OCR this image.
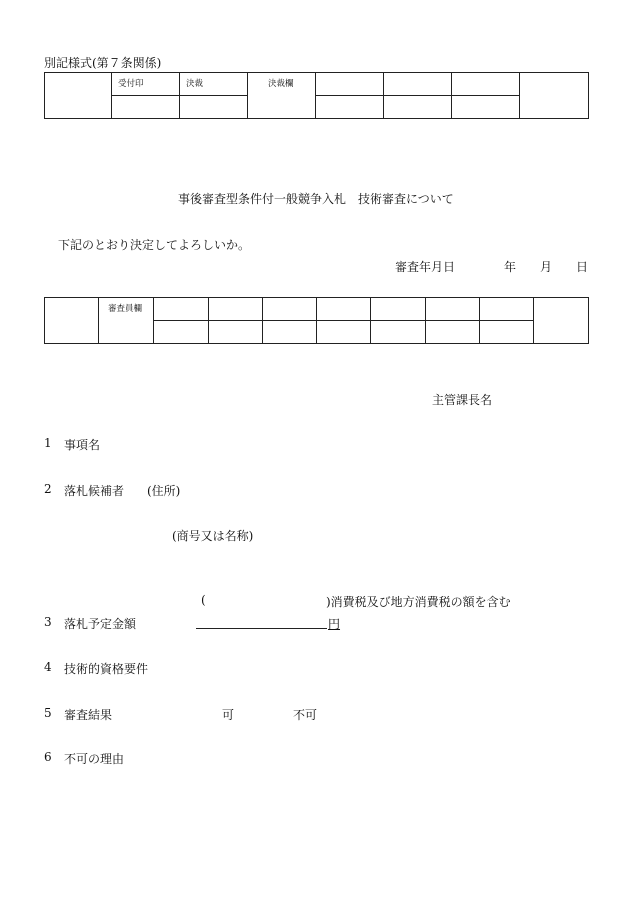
別記様式(第７条関係)

	受付印	決裁	決裁欄				

事後審査型条件付一般競争入札　技術審査について
下記のとおり決定してよろしいか。
審査年月日	年 月 日

	審査員欄								

主管課長名
1 事項名
2 落札候補者 (住所)
(商号又は名称)
(	)消費税及び地方消費税の額を含む
3 落札予定金額	円
4 技術的資格要件
5 審査結果	可	不可
6 不可の理由
